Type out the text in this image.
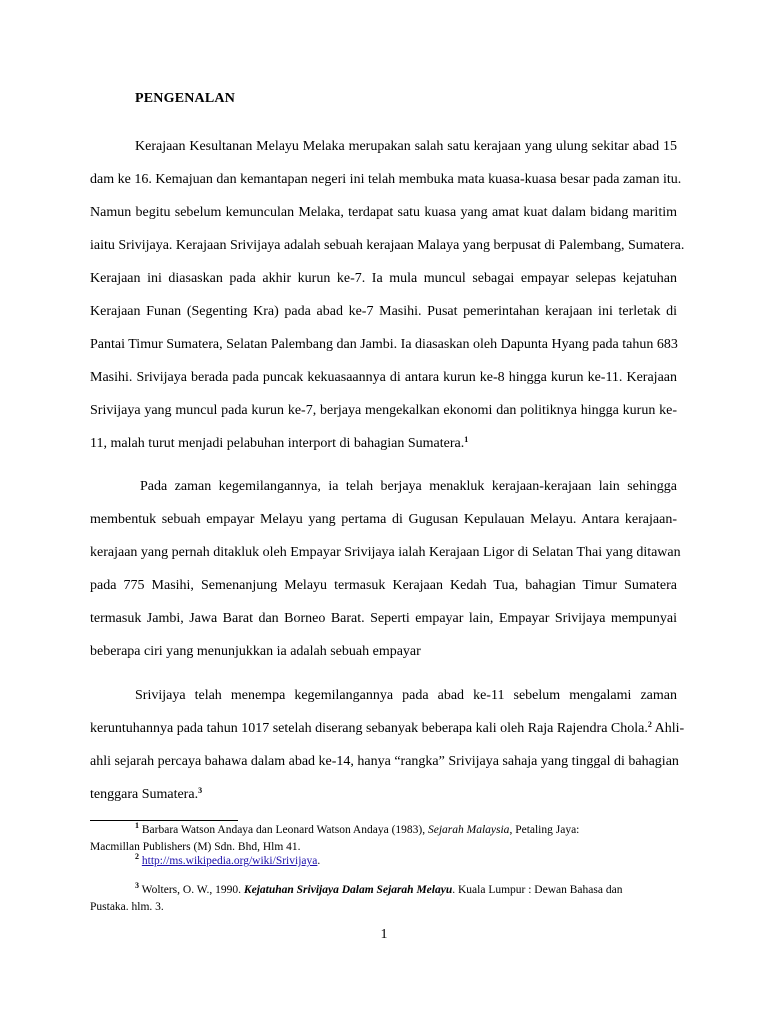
PENGENALAN
Kerajaan Kesultanan Melayu Melaka merupakan salah satu kerajaan yang ulung sekitar abad 15
dam ke 16. Kemajuan dan kemantapan negeri ini telah membuka mata kuasa-kuasa besar pada zaman itu.
Namun begitu sebelum kemunculan Melaka, terdapat satu kuasa yang amat kuat dalam bidang maritim
iaitu Srivijaya. Kerajaan Srivijaya adalah sebuah kerajaan Malaya yang berpusat di Palembang, Sumatera.
Kerajaan ini diasaskan pada akhir kurun ke-7. Ia mula muncul sebagai empayar selepas kejatuhan
Kerajaan Funan (Segenting Kra) pada abad ke-7 Masihi. Pusat pemerintahan kerajaan ini terletak di
Pantai Timur Sumatera, Selatan Palembang dan Jambi. Ia diasaskan oleh Dapunta Hyang pada tahun 683
Masihi. Srivijaya berada pada puncak kekuasaannya di antara kurun ke-8 hingga kurun ke-11. Kerajaan
Srivijaya yang muncul pada kurun ke-7, berjaya mengekalkan ekonomi dan politiknya hingga kurun ke-
11, malah turut menjadi pelabuhan interport di bahagian Sumatera.$^1$
Pada zaman kegemilangannya, ia telah berjaya menakluk kerajaan-kerajaan lain sehingga
membentuk sebuah empayar Melayu yang pertama di Gugusan Kepulauan Melayu. Antara kerajaan-
kerajaan yang pernah ditakluk oleh Empayar Srivijaya ialah Kerajaan Ligor di Selatan Thai yang ditawan
pada 775 Masihi, Semenanjung Melayu termasuk Kerajaan Kedah Tua, bahagian Timur Sumatera
termasuk Jambi, Jawa Barat dan Borneo Barat. Seperti empayar lain, Empayar Srivijaya mempunyai
beberapa ciri yang menunjukkan ia adalah sebuah empayar
Srivijaya telah menempa kegemilangannya pada abad ke-11 sebelum mengalami zaman
keruntuhannya pada tahun 1017 setelah diserang sebanyak beberapa kali oleh Raja Rajendra Chola.$^2$ Ahli-
ahli sejarah percaya bahawa dalam abad ke-14, hanya “rangka” Srivijaya sahaja yang tinggal di bahagian
tenggara Sumatera.$^3$
$^1$ Barbara Watson Andaya dan Leonard Watson Andaya (1983), Sejarah Malaysia, Petaling Jaya:
Macmillan Publishers (M) Sdn. Bhd, Hlm 41.
$^2$ http://ms.wikipedia.org/wiki/Srivijaya.
$^3$ Wolters, O. W., 1990. Kejatuhan Srivijaya Dalam Sejarah Melayu. Kuala Lumpur : Dewan Bahasa dan
Pustaka. hlm. 3.
1
